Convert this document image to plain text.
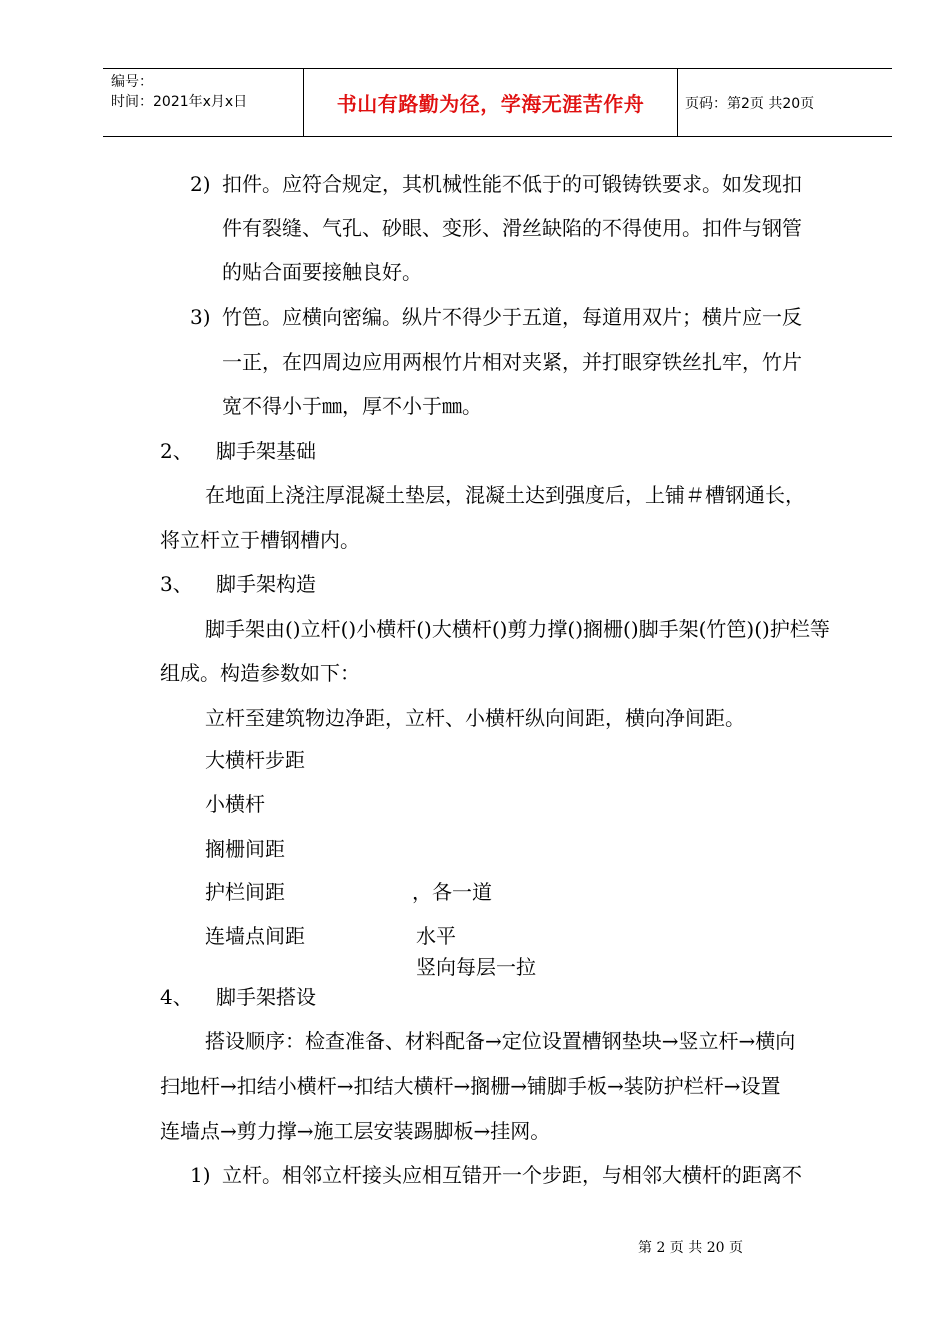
编号：
时间：2021年x月x日	书山有路勤为径，学海无涯苦作舟	页码：第2页 共20页
2) 扣件。应符合规定，其机械性能不低于的可锻铸铁要求。如发现扣
件有裂缝、气孔、砂眼、变形、滑丝缺陷的不得使用。扣件与钢管
的贴合面要接触良好。
3) 竹笆。应横向密编。纵片不得少于五道，每道用双片；横片应一反
一正，在四周边应用两根竹片相对夹紧，并打眼穿铁丝扎牢，竹片
宽不得小于㎜，厚不小于㎜。
2、 脚手架基础
在地面上浇注厚混凝土垫层，混凝土达到强度后，上铺＃槽钢通长，
将立杆立于槽钢槽内。
3、 脚手架构造
脚手架由()立杆()小横杆()大横杆()剪力撑()搁栅()脚手架(竹笆)()护栏等
组成。构造参数如下：
立杆至建筑物边净距，立杆、小横杆纵向间距，横向净间距。
大横杆步距
小横杆
搁栅间距
护栏间距	，各一道
连墙点间距	水平
竖向每层一拉
4、 脚手架搭设
搭设顺序：检查准备、材料配备→定位设置槽钢垫块→竖立杆→横向
扫地杆→扣结小横杆→扣结大横杆→搁栅→铺脚手板→装防护栏杆→设置
连墙点→剪力撑→施工层安装踢脚板→挂网。
1) 立杆。相邻立杆接头应相互错开一个步距，与相邻大横杆的距离不
第 2 页 共 20 页
